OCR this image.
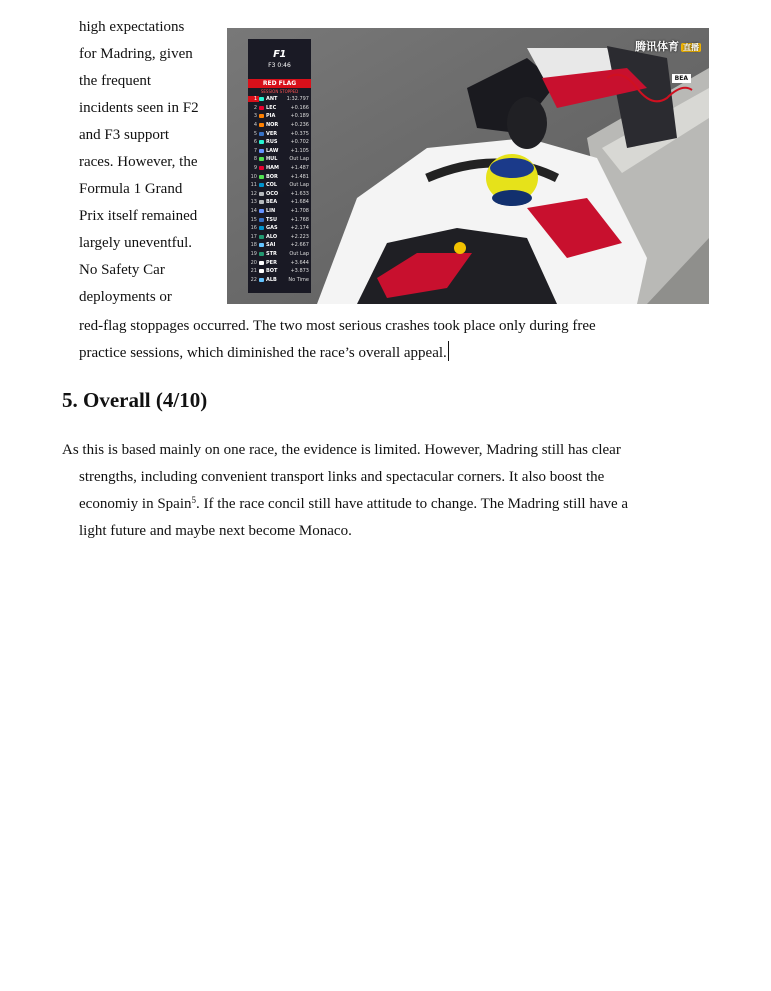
high expectations
for Madring, given
the frequent
incidents seen in F2
and F3 support
races. However, the
Formula 1 Grand
Prix itself remained
largely uneventful.
No Safety Car
deployments or
腾讯体育 直播
BEA
F1
F3 0:46
RED FLAG
SESSION STOPPED
1	ANT	1:32.797
2	LEC	+0.166
3	PIA	+0.189
4	NOR	+0.236
5	VER	+0.375
6	RUS	+0.702
7	LAW	+1.105
8	HUL	Out Lap
9	HAM	+1.487
10	BOR	+1.481
11	COL	Out Lap
12	OCO	+1.633
13	BEA	+1.684
14	LIN	+1.708
15	TSU	+1.768
16	GAS	+2.174
17	ALO	+2.223
18	SAI	+2.667
19	STR	Out Lap
20	PER	+3.644
21	BOT	+3.873
22	ALB	No Time
red-flag stoppages occurred. The two most serious crashes took place only during free
practice sessions, which diminished the race’s overall appeal.
5. Overall (4/10)
As this is based mainly on one race, the evidence is limited. However, Madring still has clear
strengths, including convenient transport links and spectacular corners. It also boost the
economiy in Spain$^5$. If the race concil still have attitude to change. The Madring still have a
light future and maybe next become Monaco.
